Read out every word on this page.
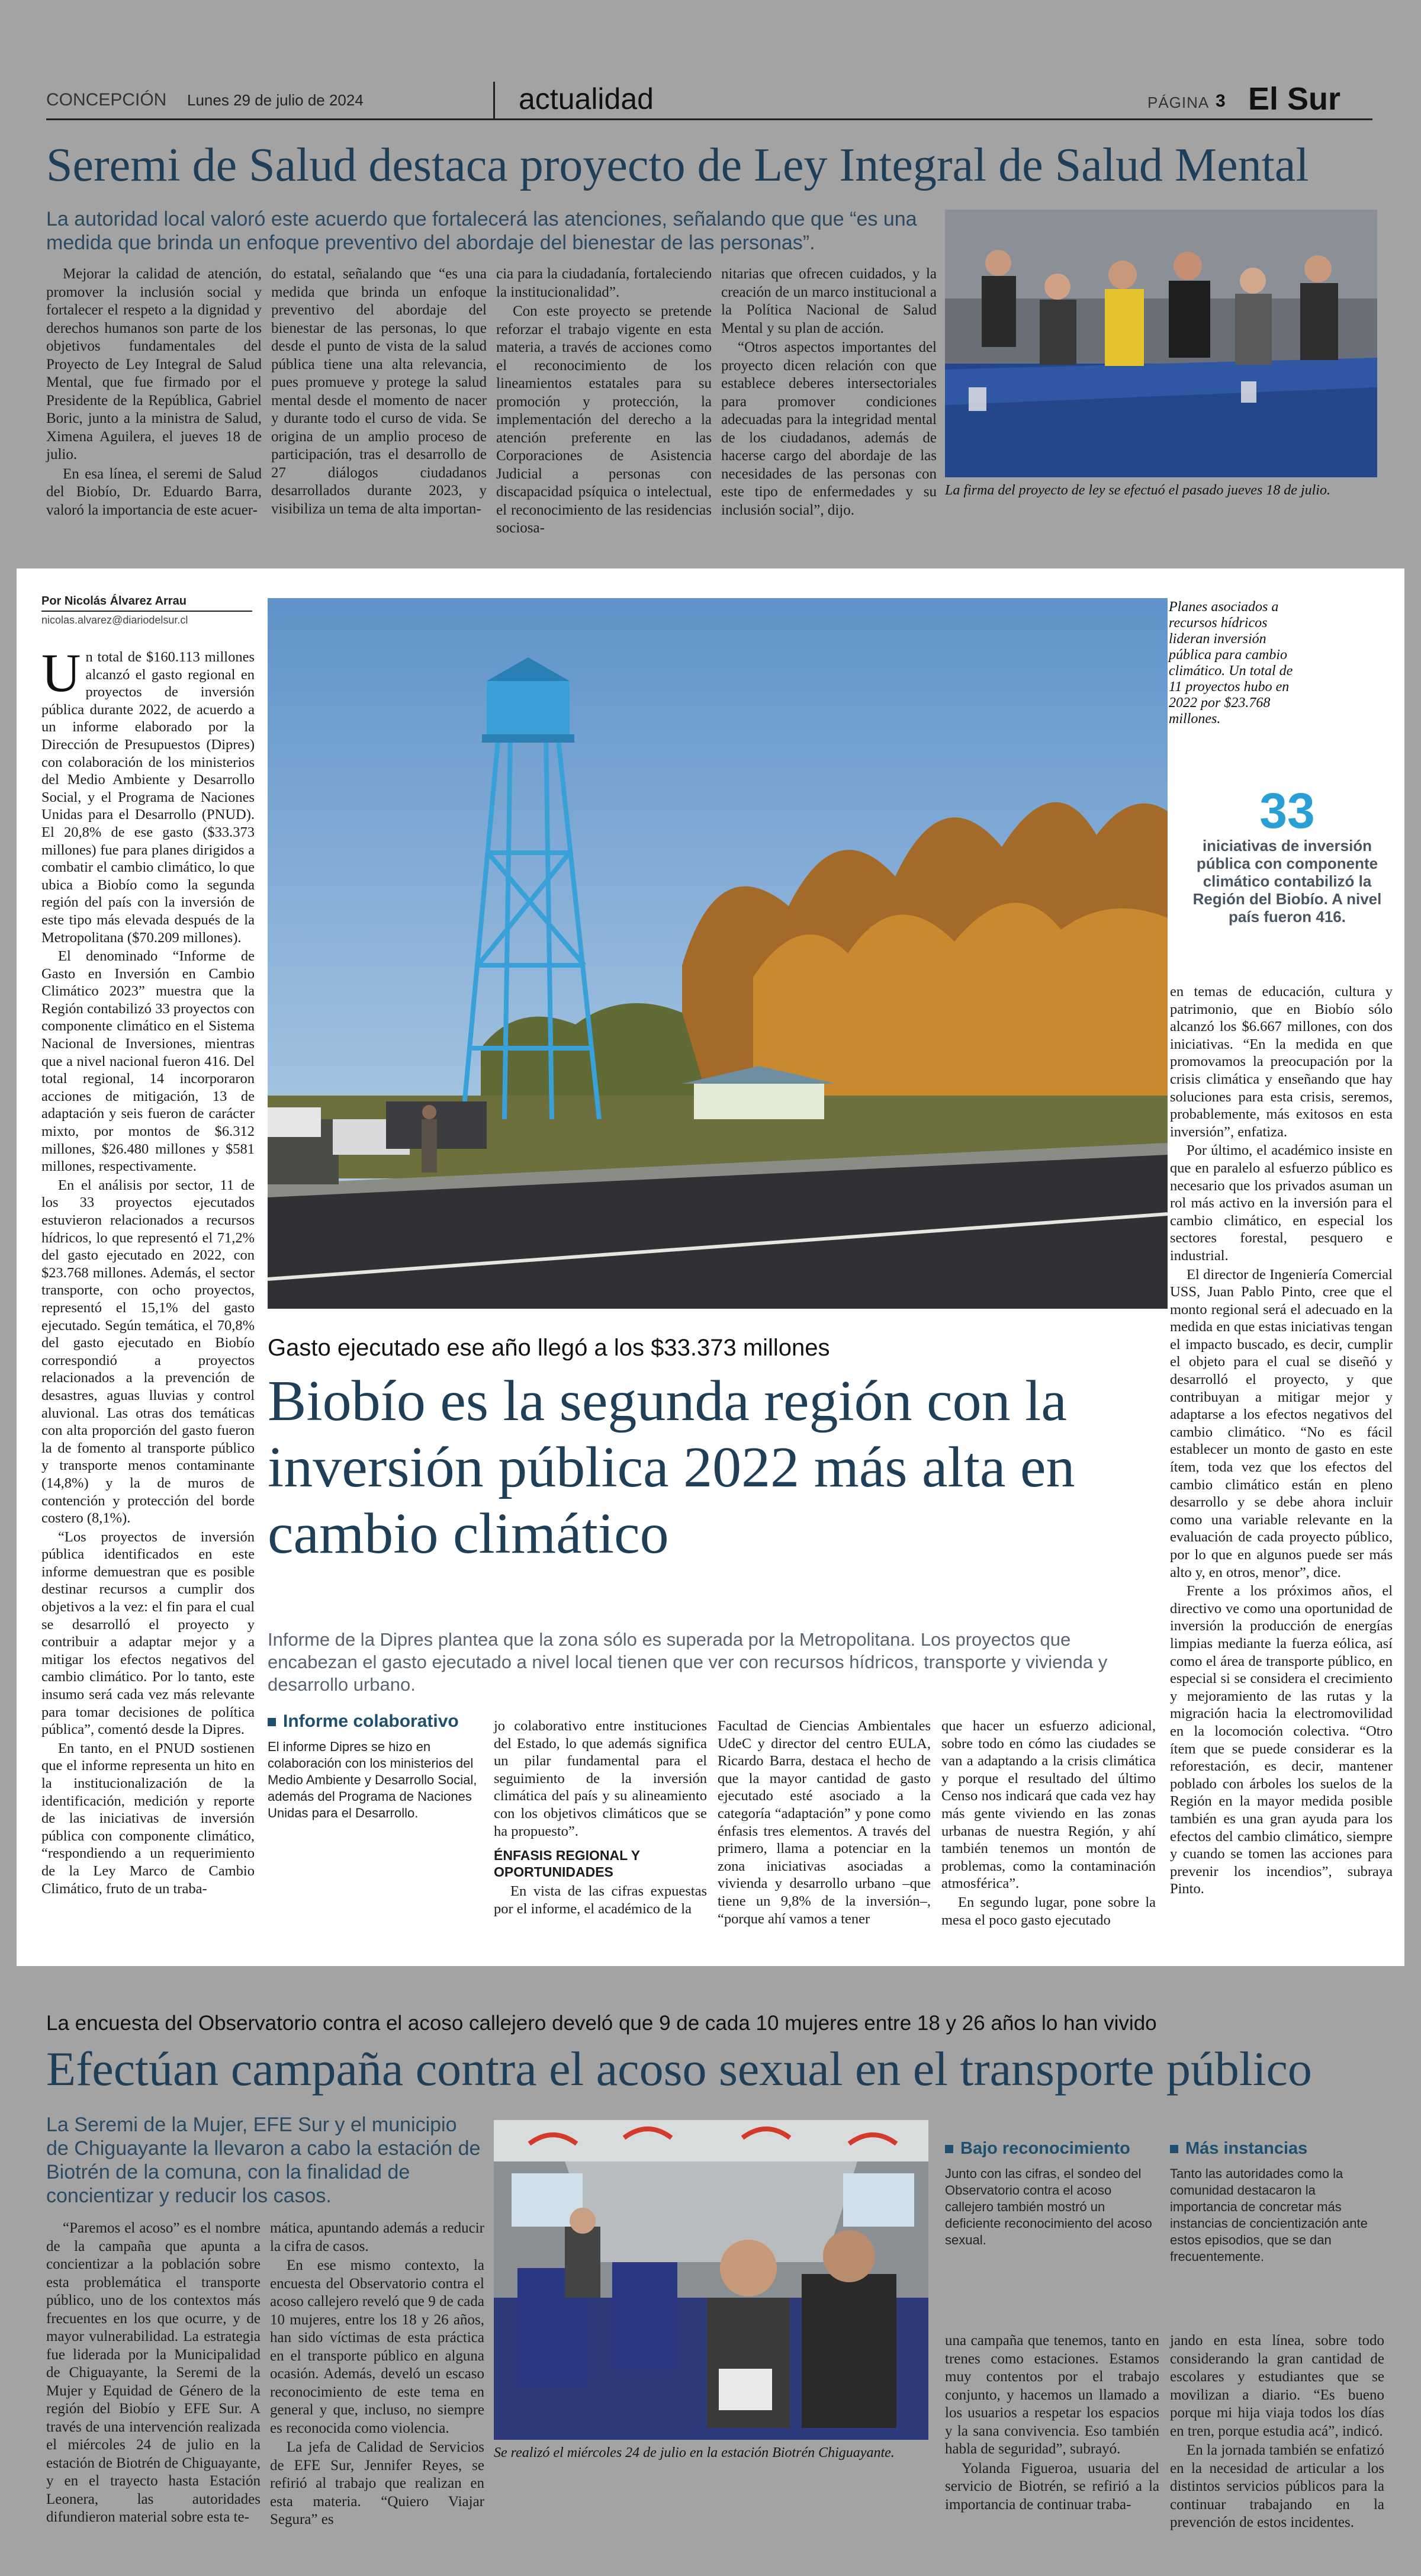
CONCEPCIÓN Lunes 29 de julio de 2024	actualidad	PÁGINA 3 El Sur
Seremi de Salud destaca proyecto de Ley Integral de Salud Mental
La autoridad local valoró este acuerdo que fortalecerá las atenciones, señalando que que “es una medida que brinda un enfoque preventivo del abordaje del bienestar de las personas”.

Mejorar la calidad de atención, promover la inclusión social y fortalecer el respeto a la dignidad y derechos humanos son parte de los objetivos fundamentales del Proyecto de Ley Integral de Salud Mental, que fue firmado por el Presidente de la República, Gabriel Boric, junto a la ministra de Salud, Ximena Aguilera, el jueves 18 de julio.

En esa línea, el seremi de Salud del Biobío, Dr. Eduardo Barra, valoró la importancia de este acuer-

do estatal, señalando que “es una medida que brinda un enfoque preventivo del abordaje del bienestar de las personas, lo que desde el punto de vista de la salud pública tiene una alta relevancia, pues promueve y protege la salud mental desde el momento de nacer y durante todo el curso de vida. Se origina de un amplio proceso de participación, tras el desarrollo de 27 diálogos ciudadanos desarrollados durante 2023, y visibiliza un tema de alta importan-

cia para la ciudadanía, fortaleciendo la institucionalidad”.

Con este proyecto se pretende reforzar el trabajo vigente en esta materia, a través de acciones como el reconocimiento de los lineamientos estatales para su promoción y protección, la implementación del derecho a la atención preferente en las Corporaciones de Asistencia Judicial a personas con discapacidad psíquica o intelectual, el reconocimiento de las residencias sociosa-

nitarias que ofrecen cuidados, y la creación de un marco institucional a la Política Nacional de Salud Mental y su plan de acción.

“Otros aspectos importantes del proyecto dicen relación con que establece deberes intersectoriales para promover condiciones adecuadas para la integridad mental de los ciudadanos, además de hacerse cargo del abordaje de las necesidades de las personas con este tipo de enfermedades y su inclusión social”, dijo.

La firma del proyecto de ley se efectuó el pasado jueves 18 de julio.
Por Nicolás Álvarez Arrau
nicolas.alvarez@diariodelsur.cl

Un total de $160.113 millones alcanzó el gasto regional en proyectos de inversión pública durante 2022, de acuerdo a un informe elaborado por la Dirección de Presupuestos (Dipres) con colaboración de los ministerios del Medio Ambiente y Desarrollo Social, y el Programa de Naciones Unidas para el Desarrollo (PNUD). El 20,8% de ese gasto ($33.373 millones) fue para planes dirigidos a combatir el cambio climático, lo que ubica a Biobío como la segunda región del país con la inversión de este tipo más elevada después de la Metropolitana ($70.209 millones).

El denominado “Informe de Gasto en Inversión en Cambio Climático 2023” muestra que la Región contabilizó 33 proyectos con componente climático en el Sistema Nacional de Inversiones, mientras que a nivel nacional fueron 416. Del total regional, 14 incorporaron acciones de mitigación, 13 de adaptación y seis fueron de carácter mixto, por montos de $6.312 millones, $26.480 millones y $581 millones, respectivamente.

En el análisis por sector, 11 de los 33 proyectos ejecutados estuvieron relacionados a recursos hídricos, lo que representó el 71,2% del gasto ejecutado en 2022, con $23.768 millones. Además, el sector transporte, con ocho proyectos, representó el 15,1% del gasto ejecutado. Según temática, el 70,8% del gasto ejecutado en Biobío correspondió a proyectos relacionados a la prevención de desastres, aguas lluvias y control aluvional. Las otras dos temáticas con alta proporción del gasto fueron la de fomento al transporte público y transporte menos contaminante (14,8%) y la de muros de contención y protección del borde costero (8,1%).

“Los proyectos de inversión pública identificados en este informe demuestran que es posible destinar recursos a cumplir dos objetivos a la vez: el fin para el cual se desarrolló el proyecto y contribuir a adaptar mejor y a mitigar los efectos negativos del cambio climático. Por lo tanto, este insumo será cada vez más relevante para tomar decisiones de política pública”, comentó desde la Dipres.

En tanto, en el PNUD sostienen que el informe representa un hito en la institucionalización de la identificación, medición y reporte de las iniciativas de inversión pública con componente climático, “respondiendo a un requerimiento de la Ley Marco de Cambio Climático, fruto de un traba-

Gasto ejecutado ese año llegó a los $33.373 millones
Biobío es la segunda región con la inversión pública 2022 más alta en cambio climático
Informe de la Dipres plantea que la zona sólo es superada por la Metropolitana. Los proyectos que encabezan el gasto ejecutado a nivel local tienen que ver con recursos hídricos, transporte y vivienda y desarrollo urbano.
Informe colaborativo
El informe Dipres se hizo en colaboración con los ministerios del Medio Ambiente y Desarrollo Social, además del Programa de Naciones Unidas para el Desarrollo.

jo colaborativo entre instituciones del Estado, lo que además significa un pilar fundamental para el seguimiento de la inversión climática del país y su alineamiento con los objetivos climáticos que se ha propuesto”.

ÉNFASIS REGIONAL Y OPORTUNIDADES

En vista de las cifras expuestas por el informe, el académico de la

Facultad de Ciencias Ambientales UdeC y director del centro EULA, Ricardo Barra, destaca el hecho de que la mayor cantidad de gasto ejecutado esté asociado a la categoría “adaptación” y pone como énfasis tres elementos. A través del primero, llama a potenciar en la zona iniciativas asociadas a vivienda y desarrollo urbano –que tiene un 9,8% de la inversión–, “porque ahí vamos a tener

que hacer un esfuerzo adicional, sobre todo en cómo las ciudades se van a adaptando a la crisis climática y porque el resultado del último Censo nos indicará que cada vez hay más gente viviendo en las zonas urbanas de nuestra Región, y ahí también tenemos un montón de problemas, como la contaminación atmosférica”.

En segundo lugar, pone sobre la mesa el poco gasto ejecutado

Planes asociados a recursos hídricos lideran inversión pública para cambio climático. Un total de 11 proyectos hubo en 2022 por $23.768 millones.
33
iniciativas de inversión pública con componente climático contabilizó la Región del Biobío. A nivel país fueron 416.

en temas de educación, cultura y patrimonio, que en Biobío sólo alcanzó los $6.667 millones, con dos iniciativas. “En la medida en que promovamos la preocupación por la crisis climática y enseñando que hay soluciones para esta crisis, seremos, probablemente, más exitosos en esta inversión”, enfatiza.

Por último, el académico insiste en que en paralelo al esfuerzo público es necesario que los privados asuman un rol más activo en la inversión para el cambio climático, en especial los sectores forestal, pesquero e industrial.

El director de Ingeniería Comercial USS, Juan Pablo Pinto, cree que el monto regional será el adecuado en la medida en que estas iniciativas tengan el impacto buscado, es decir, cumplir el objeto para el cual se diseñó y desarrolló el proyecto, y que contribuyan a mitigar mejor y adaptarse a los efectos negativos del cambio climático. “No es fácil establecer un monto de gasto en este ítem, toda vez que los efectos del cambio climático están en pleno desarrollo y se debe ahora incluir como una variable relevante en la evaluación de cada proyecto público, por lo que en algunos puede ser más alto y, en otros, menor”, dice.

Frente a los próximos años, el directivo ve como una oportunidad de inversión la producción de energías limpias mediante la fuerza eólica, así como el área de transporte público, en especial si se considera el crecimiento y mejoramiento de las rutas y la migración hacia la electromovilidad en la locomoción colectiva. “Otro ítem que se puede considerar es la reforestación, es decir, mantener poblado con árboles los suelos de la Región en la mayor medida posible también es una gran ayuda para los efectos del cambio climático, siempre y cuando se tomen las acciones para prevenir los incendios”, subraya Pinto.

La encuesta del Observatorio contra el acoso callejero develó que 9 de cada 10 mujeres entre 18 y 26 años lo han vivido
Efectúan campaña contra el acoso sexual en el transporte público
La Seremi de la Mujer, EFE Sur y el municipio de Chiguayante la llevaron a cabo la estación de Biotrén de la comuna, con la finalidad de concientizar y reducir los casos.

“Paremos el acoso” es el nombre de la campaña que apunta a concientizar a la población sobre esta problemática el transporte público, uno de los contextos más frecuentes en los que ocurre, y de mayor vulnerabilidad. La estrategia fue liderada por la Municipalidad de Chiguayante, la Seremi de la Mujer y Equidad de Género de la región del Biobío y EFE Sur. A través de una intervención realizada el miércoles 24 de julio en la estación de Biotrén de Chiguayante, y en el trayecto hasta Estación Leonera, las autoridades difundieron material sobre esta te-

mática, apuntando además a reducir la cifra de casos.

En ese mismo contexto, la encuesta del Observatorio contra el acoso callejero reveló que 9 de cada 10 mujeres, entre los 18 y 26 años, han sido víctimas de esta práctica en el transporte público en alguna ocasión. Además, develó un escaso reconocimiento de este tema en general y que, incluso, no siempre es reconocida como violencia.

La jefa de Calidad de Servicios de EFE Sur, Jennifer Reyes, se refirió al trabajo que realizan en esta materia. “Quiero Viajar Segura” es

Se realizó el miércoles 24 de julio en la estación Biotrén Chiguayante.
Bajo reconocimiento
Junto con las cifras, el sondeo del Observatorio contra el acoso callejero también mostró un deficiente reconocimiento del acoso sexual.
Más instancias
Tanto las autoridades como la comunidad destacaron la importancia de concretar más instancias de concientización ante estos episodios, que se dan frecuentemente.

una campaña que tenemos, tanto en trenes como estaciones. Estamos muy contentos por el trabajo conjunto, y hacemos un llamado a los usuarios a respetar los espacios y la sana convivencia. Eso también habla de seguridad”, subrayó.

Yolanda Figueroa, usuaria del servicio de Biotrén, se refirió a la importancia de continuar traba-

jando en esta línea, sobre todo considerando la gran cantidad de escolares y estudiantes que se movilizan a diario. “Es bueno porque mi hija viaja todos los días en tren, porque estudia acá”, indicó.

En la jornada también se enfatizó en la necesidad de articular a los distintos servicios públicos para la continuar trabajando en la prevención de estos incidentes.
